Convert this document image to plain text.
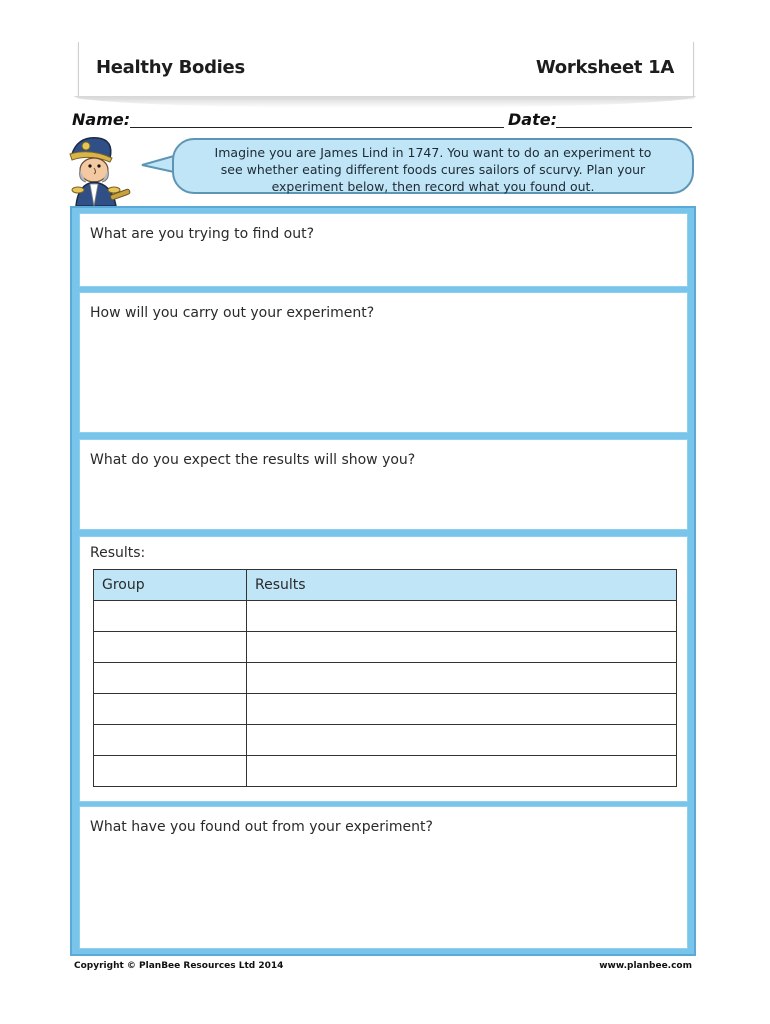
Healthy Bodies	Worksheet 1A
Name:	Date:
Imagine you are James Lind in 1747. You want to do an experiment to
see whether eating different foods cures sailors of scurvy. Plan your
experiment below, then record what you found out.
What are you trying to find out?
How will you carry out your experiment?
What do you expect the results will show you?
Results:
Group	Results

What have you found out from your experiment?
Copyright © PlanBee Resources Ltd 2014	www.planbee.com
